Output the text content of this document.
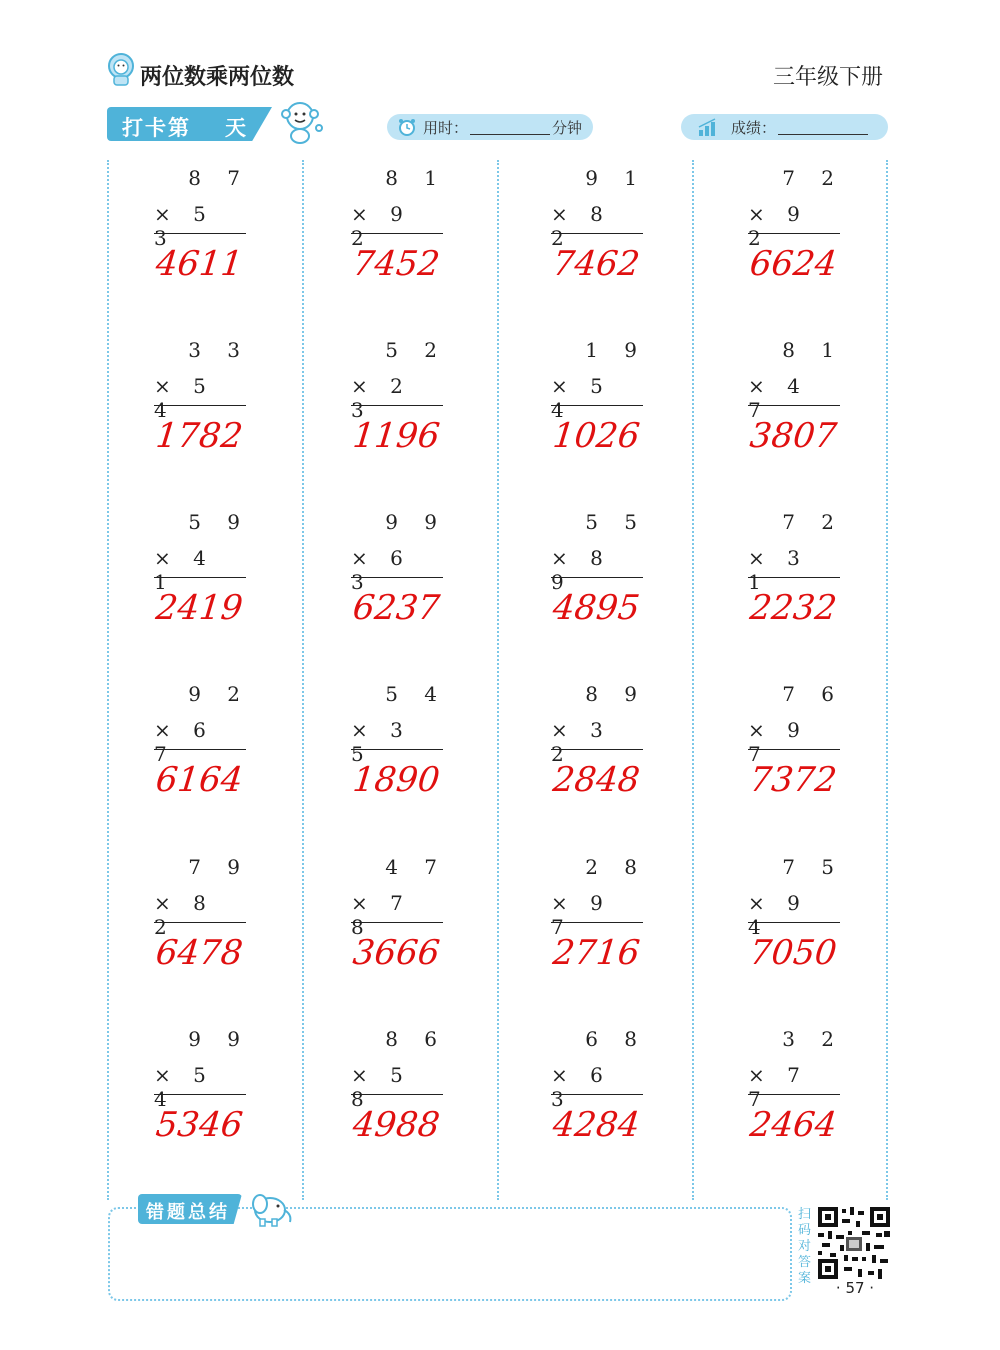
两位数乘两位数	三年级下册
打卡第 天	用时：	分钟	成绩：
8 7
× 5 3
4611
3 3
× 5 4
1782
5 9
× 4 1
2419
9 2
× 6 7
6164
7 9
× 8 2
6478
9 9
× 5 4
5346
8 1
× 9 2
7452
5 2
× 2 3
1196
9 9
× 6 3
6237
5 4
× 3 5
1890
4 7
× 7 8
3666
8 6
× 5 8
4988
9 1
× 8 2
7462
1 9
× 5 4
1026
5 5
× 8 9
4895
8 9
× 3 2
2848
2 8
× 9 7
2716
6 8
× 6 3
4284
7 2
× 9 2
6624
8 1
× 4 7
3807
7 2
× 3 1
2232
7 6
× 9 7
7372
7 5
× 9 4
7050
3 2
× 7 7
2464
错题总结	扫码对答案
· 57 ·
